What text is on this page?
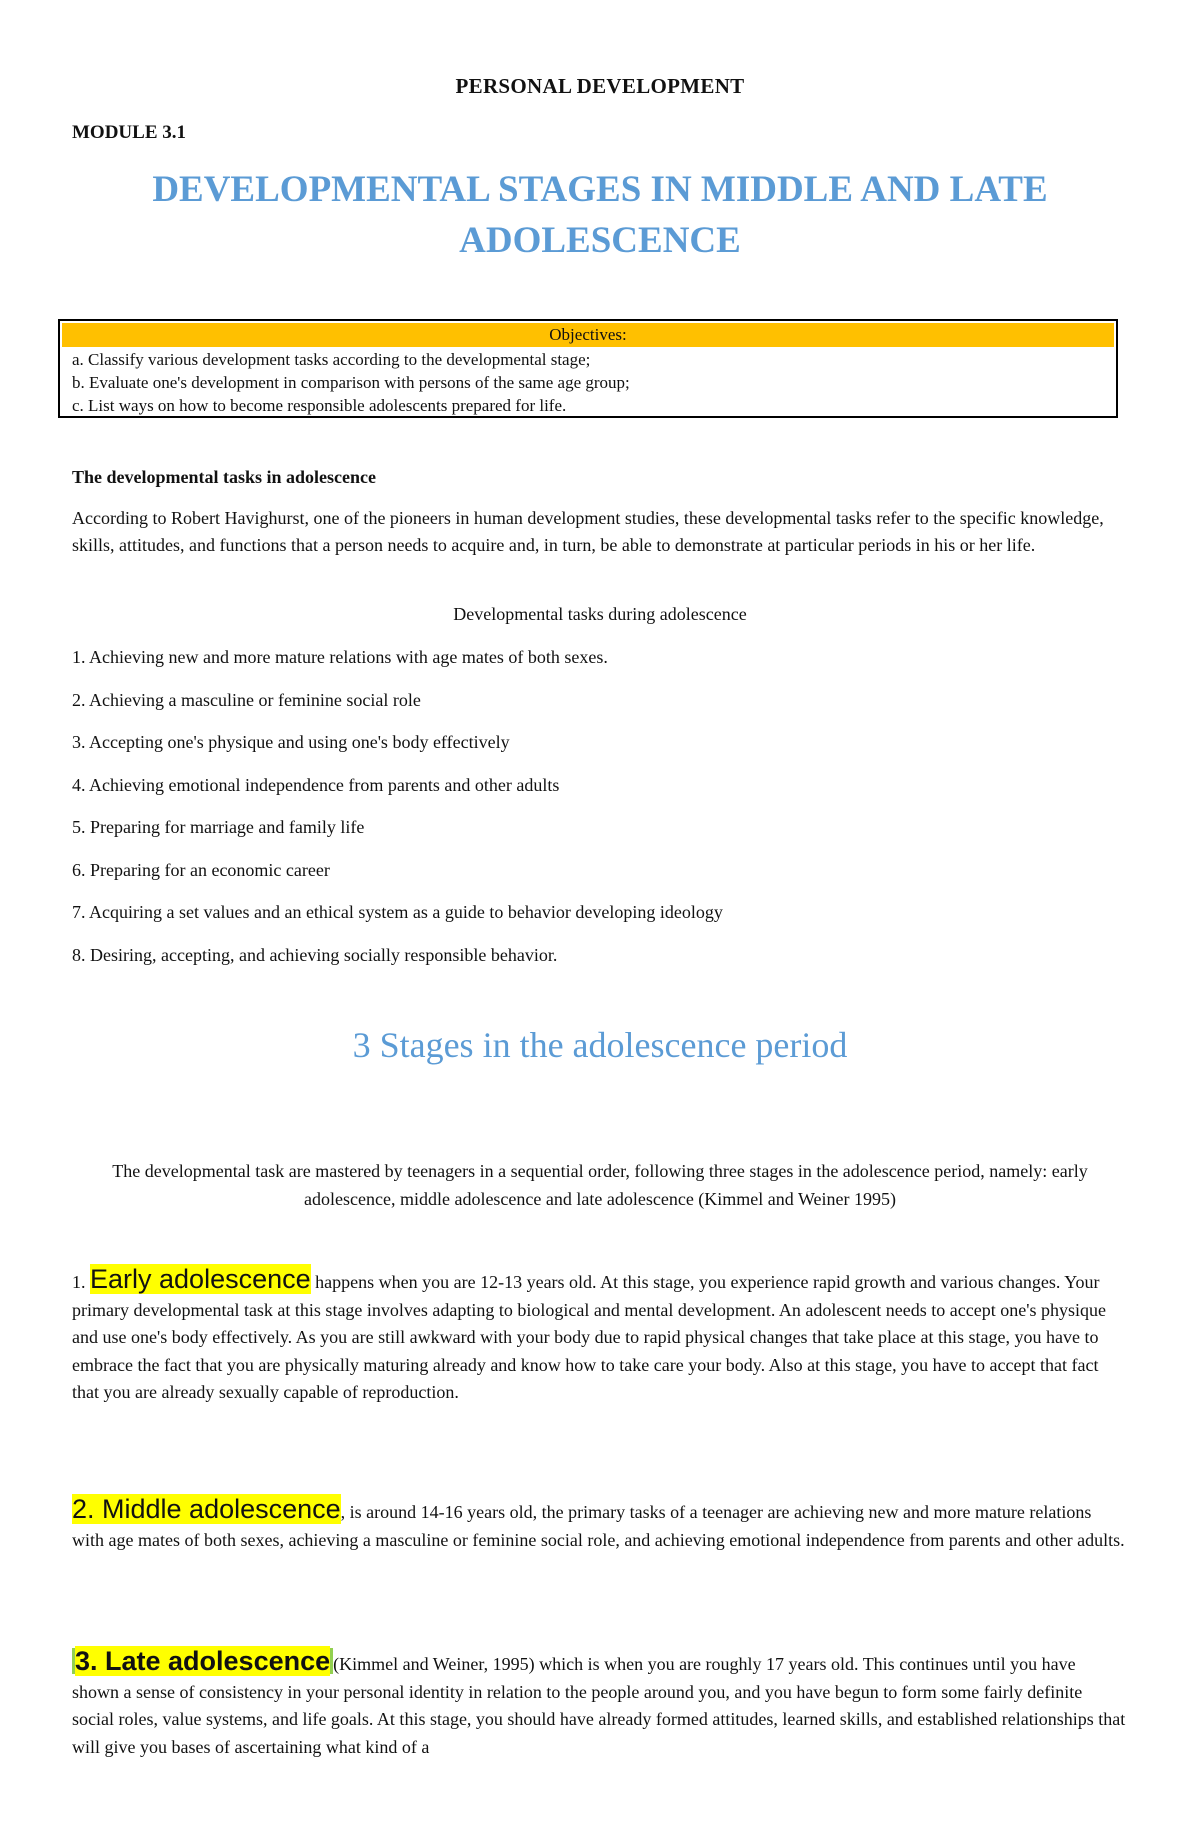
PERSONAL DEVELOPMENT
MODULE 3.1
DEVELOPMENTAL STAGES IN MIDDLE AND LATE
ADOLESCENCE
Objectives:
a. Classify various development tasks according to the developmental stage;
b. Evaluate one's development in comparison with persons of the same age group;
c. List ways on how to become responsible adolescents prepared for life.
The developmental tasks in adolescence
According to Robert Havighurst, one of the pioneers in human development studies, these developmental tasks refer to the specific knowledge, skills, attitudes, and functions that a person needs to acquire and, in turn, be able to demonstrate at particular periods in his or her life.
Developmental tasks during adolescence
1. Achieving new and more mature relations with age mates of both sexes.
2. Achieving a masculine or feminine social role
3. Accepting one's physique and using one's body effectively
4. Achieving emotional independence from parents and other adults
5. Preparing for marriage and family life
6. Preparing for an economic career
7. Acquiring a set values and an ethical system as a guide to behavior developing ideology
8. Desiring, accepting, and achieving socially responsible behavior.
3 Stages in the adolescence period
The developmental task are mastered by teenagers in a sequential order, following three stages in the adolescence period, namely: early adolescence, middle adolescence and late adolescence (Kimmel and Weiner 1995)
1. Early adolescence happens when you are 12-13 years old. At this stage, you experience rapid growth and various changes. Your primary developmental task at this stage involves adapting to biological and mental development. An adolescent needs to accept one's physique and use one's body effectively. As you are still awkward with your body due to rapid physical changes that take place at this stage, you have to embrace the fact that you are physically maturing already and know how to take care your body. Also at this stage, you have to accept that fact that you are already sexually capable of reproduction.
2. Middle adolescence, is around 14-16 years old, the primary tasks of a teenager are achieving new and more mature relations with age mates of both sexes, achieving a masculine or feminine social role, and achieving emotional independence from parents and other adults.
3. Late adolescence (Kimmel and Weiner, 1995) which is when you are roughly 17 years old. This continues until you have shown a sense of consistency in your personal identity in relation to the people around you, and you have begun to form some fairly definite social roles, value systems, and life goals. At this stage, you should have already formed attitudes, learned skills, and established relationships that will give you bases of ascertaining what kind of a
